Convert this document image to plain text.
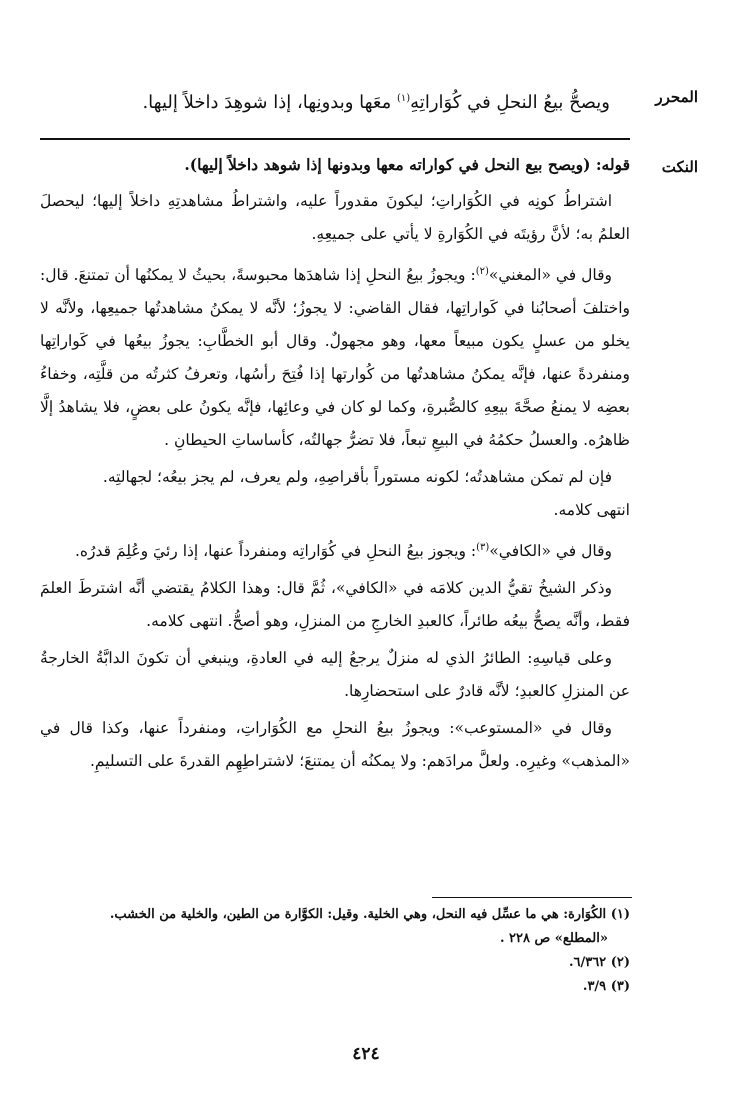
المحرر
النكت
ويصحُّ بيعُ النحلِ في كُوَاراتِهِ$^{(١)}$ معَها وبدونِها، إذا شوهِدَ داخلاً إليها.

قوله: (ويصح بيع النحل في كواراته معها وبدونها إذا شوهد داخلاً إليها).

اشتراطُ كونِه في الكُوَاراتِ؛ ليكونَ مقدوراً عليه، واشتراطُ مشاهدتِهِ داخلاً إليها؛ ليحصلَ العلمُ به؛ لأنَّ رؤيتَه في الكُوَارةِ لا يأتي على جميعِهِ.

وقال في «المغني»$^{(٢)}$: ويجوزُ بيعُ النحلِ إذا شاهدَها محبوسةً، بحيثُ لا يمكنُها أن تمتنعَ. قال: واختلفَ أصحابُنا في كَواراتِها، فقال القاضي: لا يجوزُ؛ لأنَّه لا يمكنُ مشاهدتُها جميعِها، ولأنَّه لا يخلو من عسلٍ يكون مبيعاً معها، وهو مجهولٌ. وقال أبو الخطَّابِ: يجوزُ بيعُها في كَواراتِها ومنفردةً عنها، فإنَّه يمكنُ مشاهدتُها من كُوارتها إذا فُتِحَ رأسُها، وتعرفُ كثرتُه من قلَّتِه، وخفاءُ بعضِه لا يمنعُ صحَّةَ بيعِهِ كالصُّبرةِ، وكما لو كان في وعائِها، فإنَّه يكونُ على بعضٍ، فلا يشاهدُ إلَّا ظاهرُه. والعسلُ حكمُهُ في البيعِ تبعاً، فلا تضرُّ جهالتُه، كأساساتِ الحيطانِ .

فإن لم تمكن مشاهدتُه؛ لكونه مستوراً بأقراصِهِ، ولم يعرف، لم يجز بيعُه؛ لجهالتِه.

انتهى كلامه.

وقال في «الكافي»$^{(٣)}$: ويجوز بيعُ النحلِ في كُوَاراتِه ومنفرداً عنها، إذا رئيَ وعُلِمَ قدرُه.

وذكر الشيخُ تقيُّ الدين كلامَه في «الكافي»، ثُمَّ قال: وهذا الكلامُ يقتضي أنَّه اشترطَ العلمَ فقط، وأنَّه يصحُّ بيعُه طائراً، كالعبدِ الخارجِ من المنزلِ، وهو أصحُّ. انتهى كلامه.

وعلى قياسِهِ: الطائرُ الذي له منزلٌ يرجعُ إليه في العادةِ، وينبغي أن تكونَ الدابَّةُ الخارجةُ عن المنزلِ كالعبدِ؛ لأنَّه قادرٌ على استحضارِها.

وقال في «المستوعب»: ويجوزُ بيعُ النحلِ مع الكُوَاراتِ، ومنفرداً عنها، وكذا قال في «المذهب» وغيرِه. ولعلَّ مرادَهم: ولا يمكنُه أن يمتنعَ؛ لاشتراطِهِم القدرةَ على التسليمِ.

(١) الكُوَارة: هي ما عسِّل فيه النحل، وهي الخلية. وقيل: الكوَّارة من الطين، والخلية من الخشب.
«المطلع» ص ٢٢٨ .
(٢) ٦/٣٦٢.
(٣) ٣/٩.
٤٢٤
